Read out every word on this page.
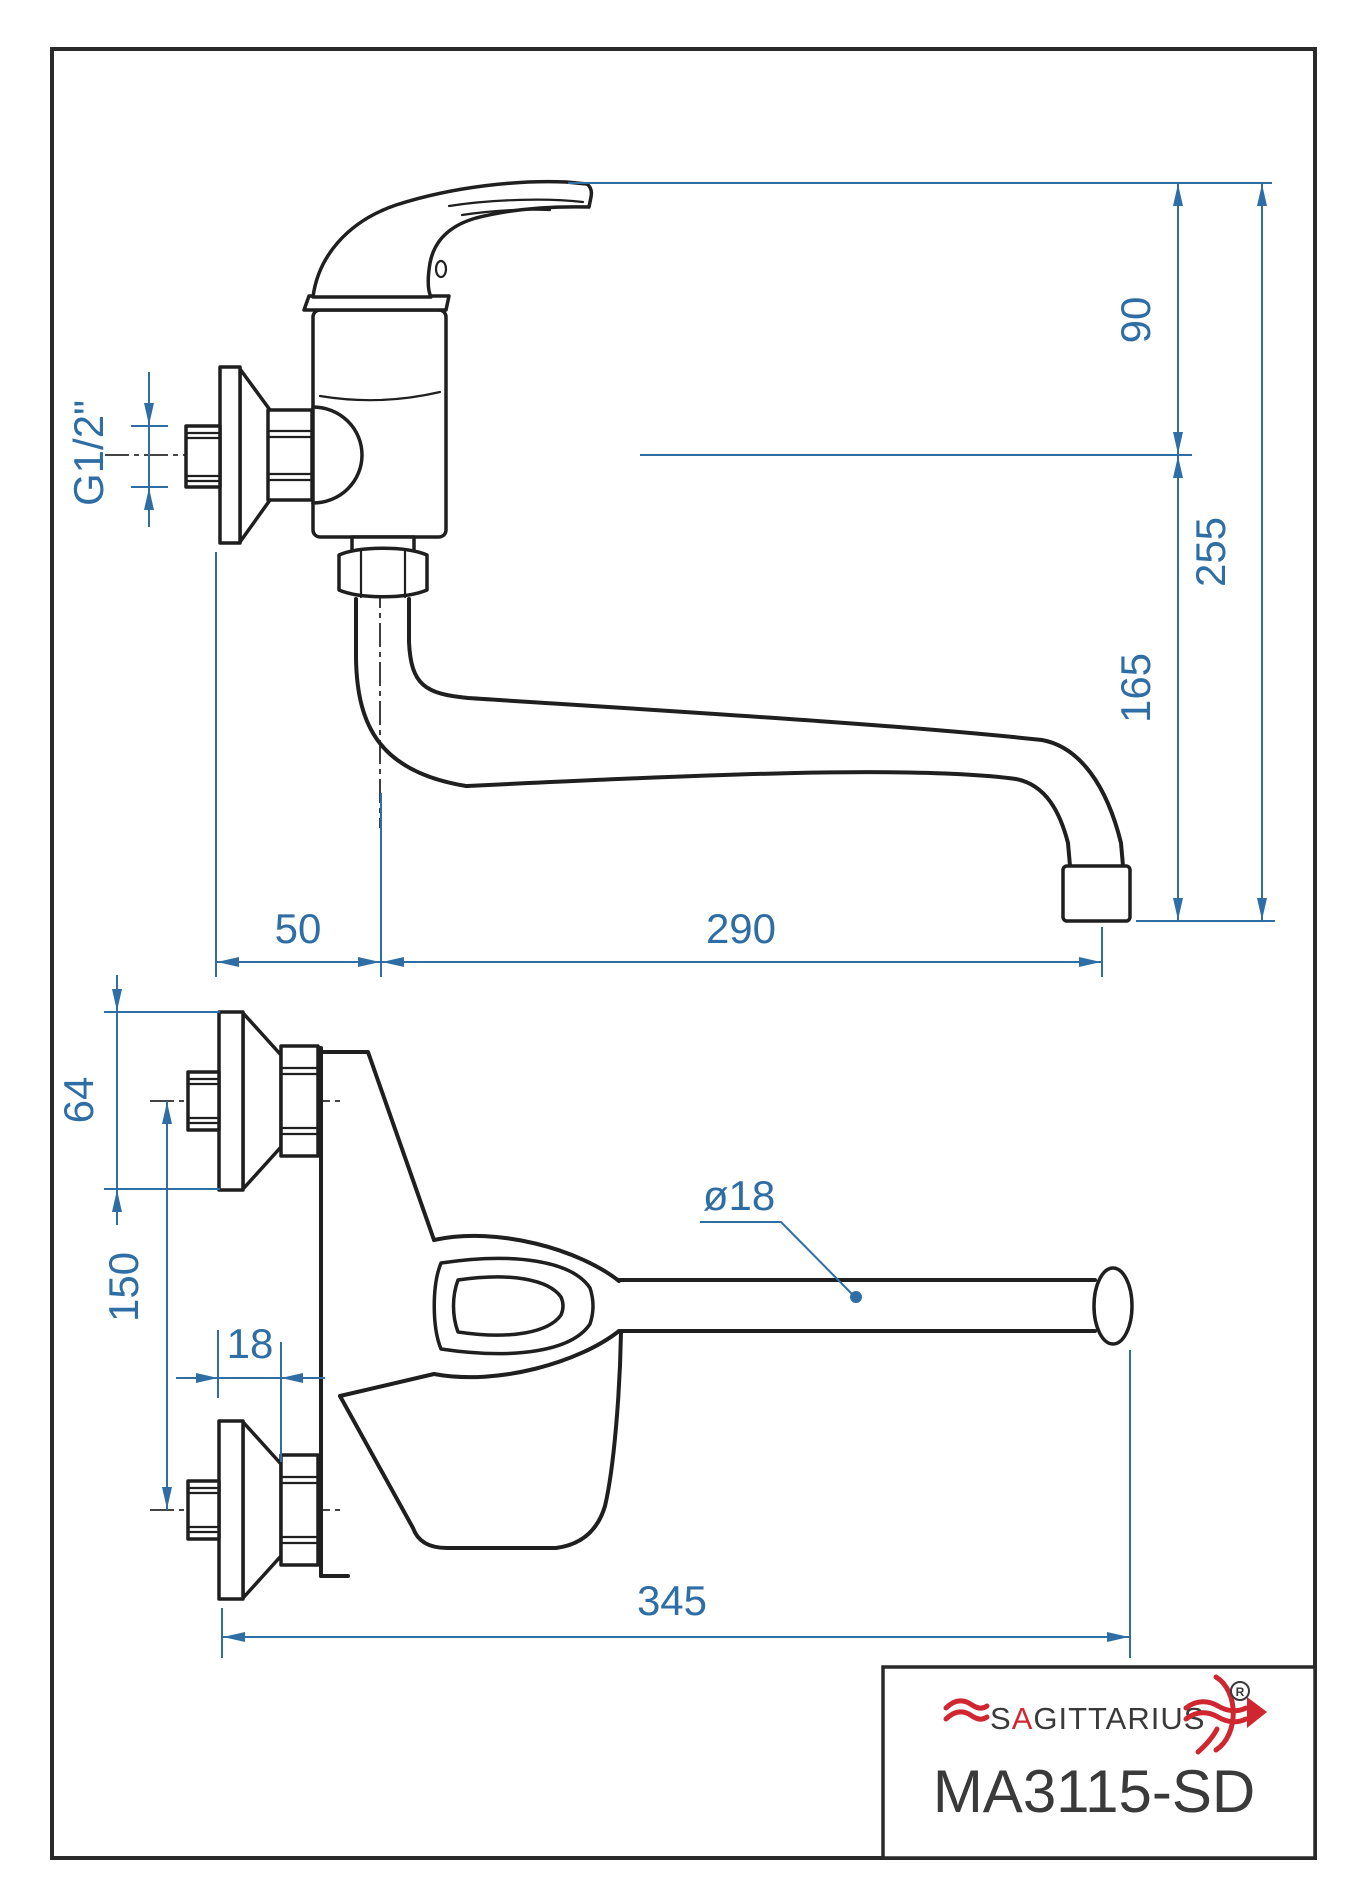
90
165
255
50	290
G1/2"
64
150
18
ø18
345
SAGITTARIUS
R
MA3115-SD
